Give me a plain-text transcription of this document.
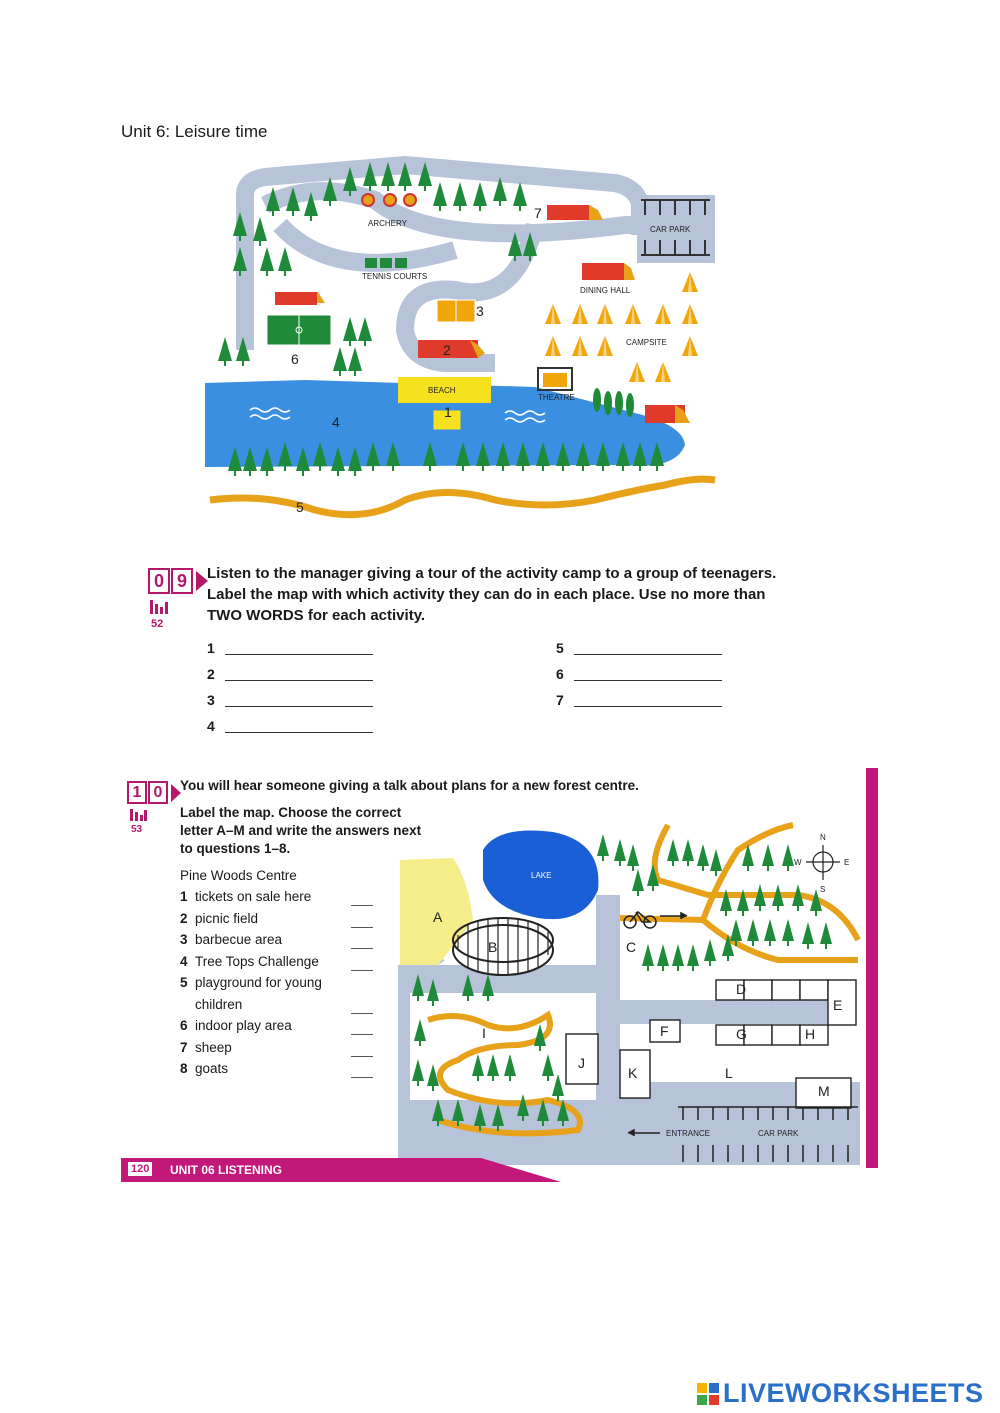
Unit 6: Leisure time
ARCHERY
TENNIS COURTS
CAR PARK
DINING HALL
CAMPSITE
THEATRE
BEACH
1
2
3
4
5
6
7
0 9
52
Listen to the manager giving a tour of the activity camp to a group of teenagers.
Label the map with which activity they can do in each place. Use no more than
TWO WORDS for each activity.
1
2
3
4
5
6
7
1 0
53
You will hear someone giving a talk about plans for a new forest centre.
Label the map. Choose the correct
letter A–M and write the answers next
to questions 1–8.
Pine Woods Centre
1 tickets on sale here
2 picnic field
3 barbecue area
4 Tree Tops Challenge
5 playground for young
children
6 indoor play area
7 sheep
8 goats
A
B	C
D
E
F	G	H
I
J
K	L
M
LAKE
ENTRANCE	CAR PARK
N
S
W	E
120 UNIT 06 LISTENING
LIVEWORKSHEETS
